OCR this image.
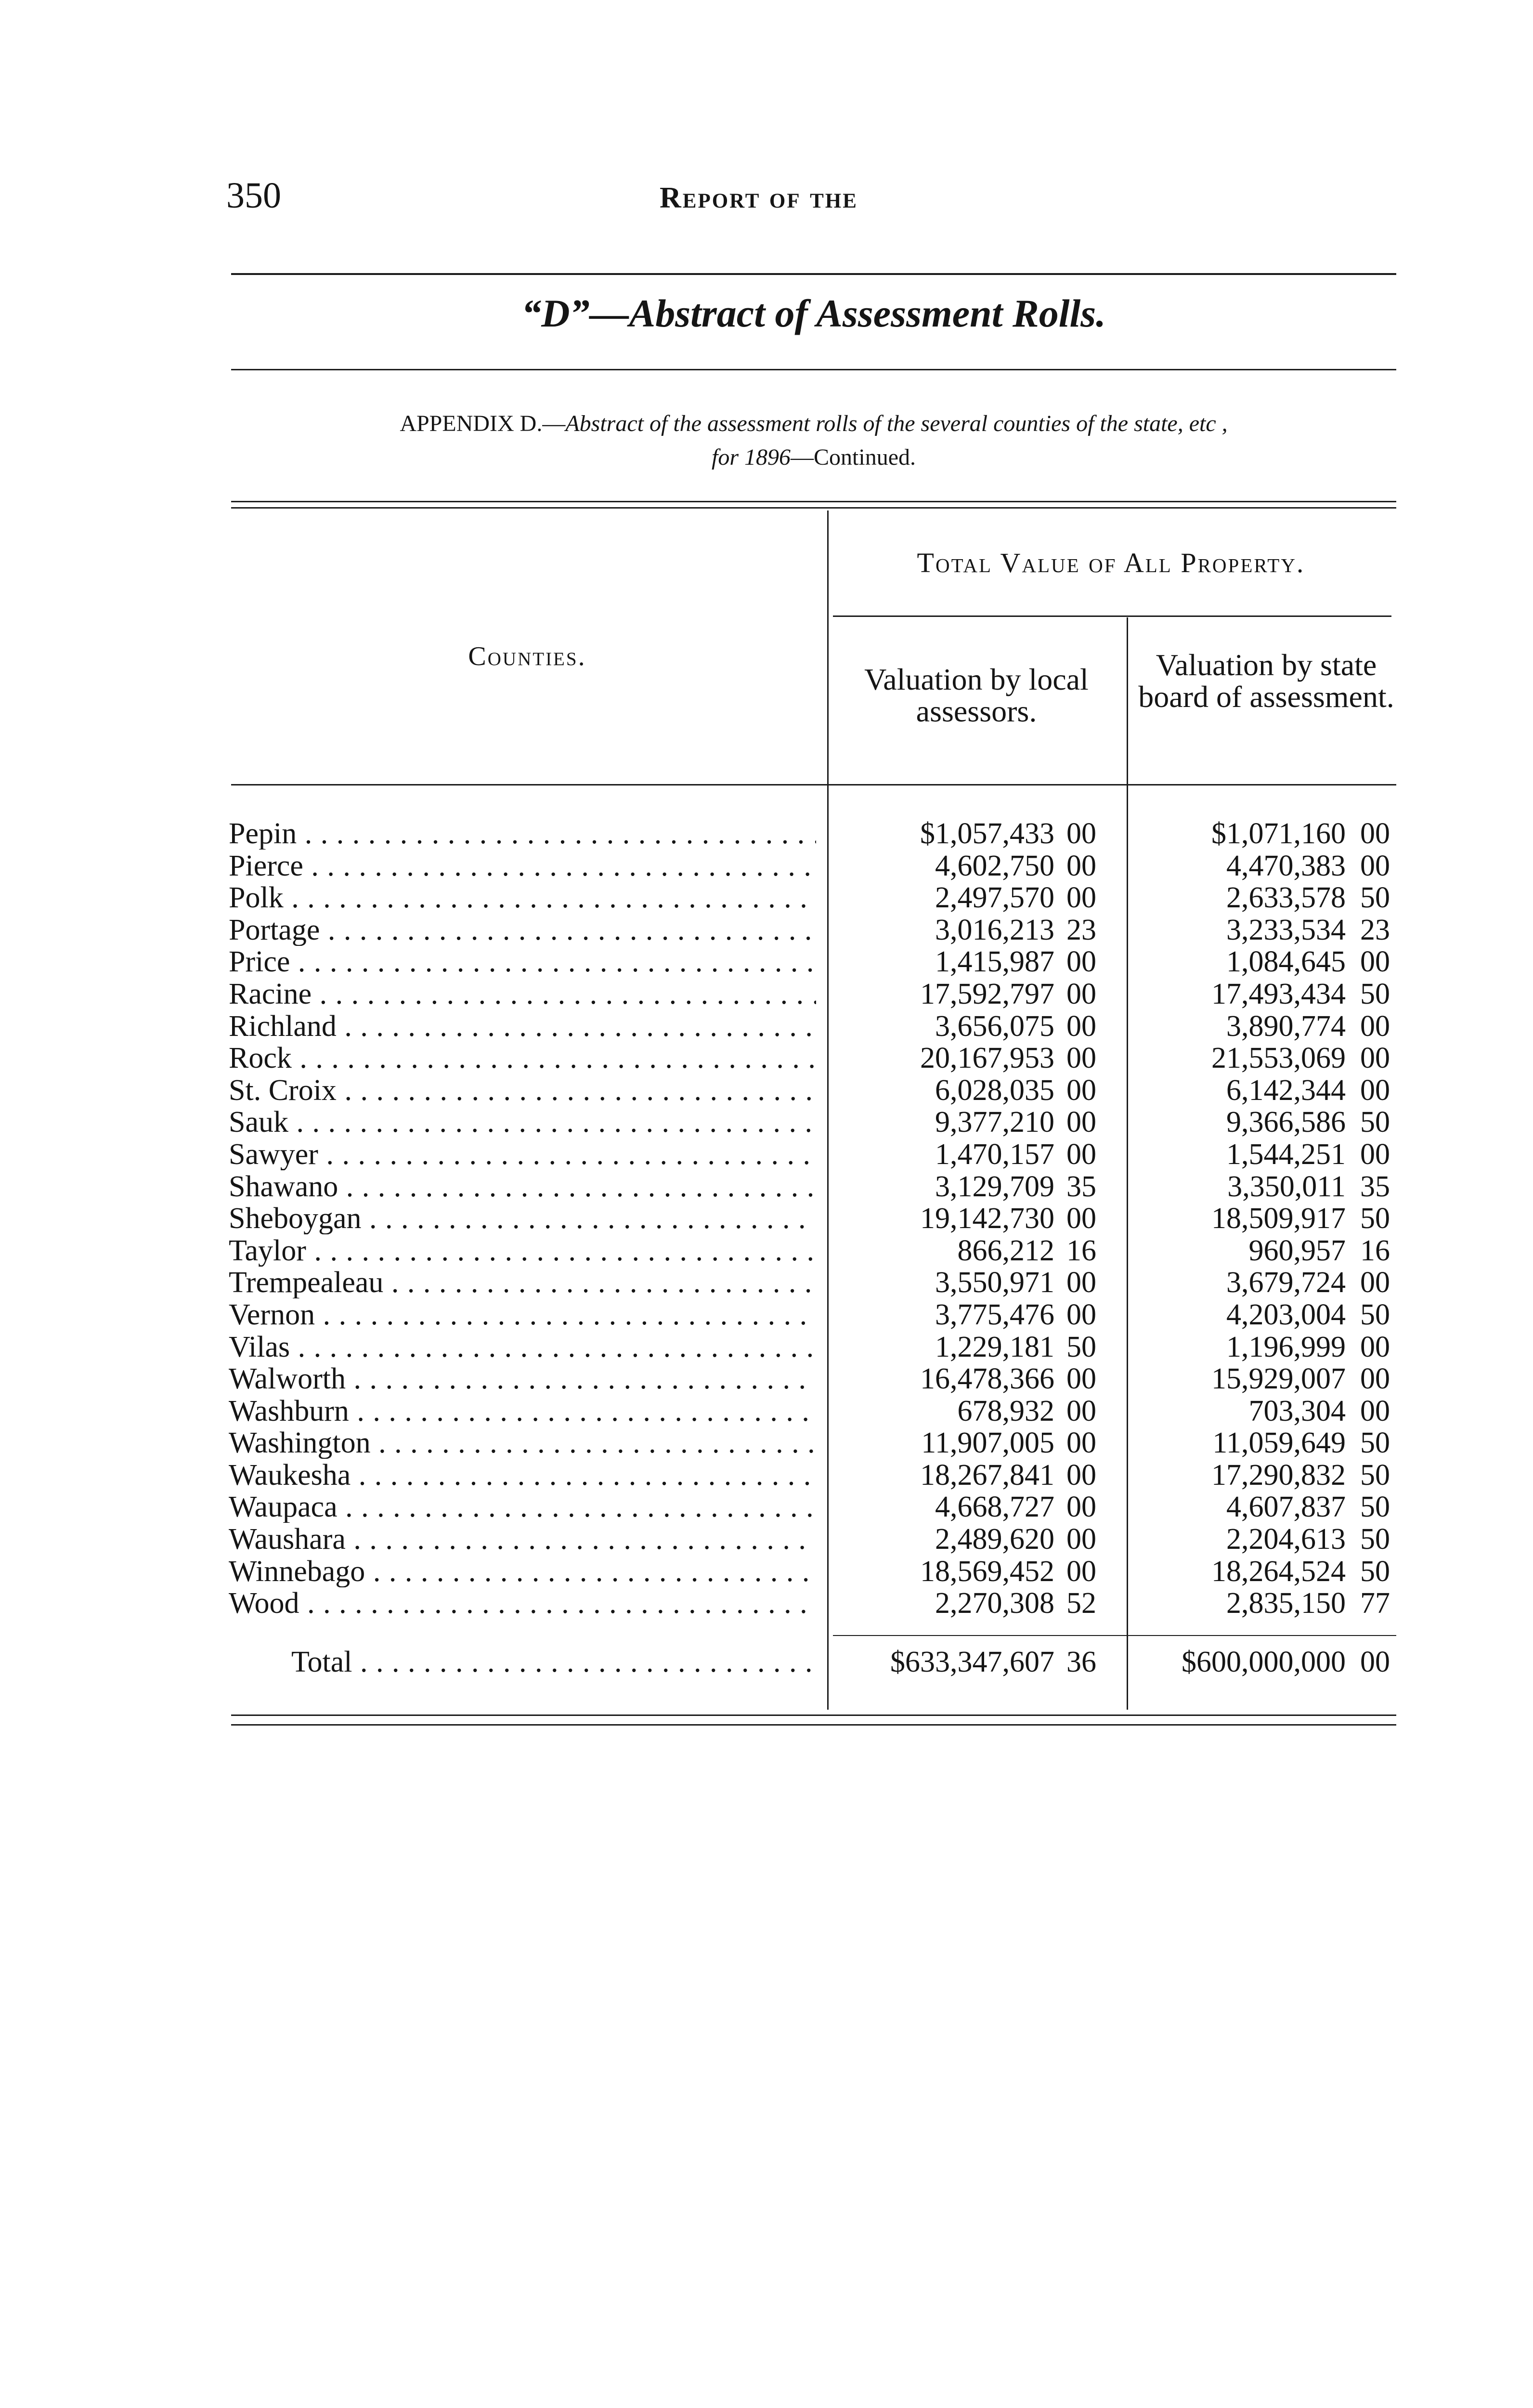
350	Report of the
“D”—Abstract of Assessment Rolls.
APPENDIX D.—Abstract of the assessment rolls of the several counties of the state, etc ,
for 1896—Continued.
Total Value of All Property.
Counties.
Valuation by local assessors.
Valuation by state board of assessment.
Pepin . . .	$1,057,433 00	$1,071,160 00
Pierce . . .	4,602,750 00	4,470,383 00
Polk . . .	2,497,570 00	2,633,578 50
Portage . . .	3,016,213 23	3,233,534 23
Price . . .	1,415,987 00	1,084,645 00
Racine . . .	17,592,797 00	17,493,434 50
Richland . . .	3,656,075 00	3,890,774 00
Rock . . .	20,167,953 00	21,553,069 00
St. Croix . . .	6,028,035 00	6,142,344 00
Sauk . . .	9,377,210 00	9,366,586 50
Sawyer . . .	1,470,157 00	1,544,251 00
Shawano . . .	3,129,709 35	3,350,011 35
Sheboygan . . .	19,142,730 00	18,509,917 50
Taylor . . .	866,212 16	960,957 16
Trempealeau . . .	3,550,971 00	3,679,724 00
Vernon . . .	3,775,476 00	4,203,004 50
Vilas . . .	1,229,181 50	1,196,999 00
Walworth . . .	16,478,366 00	15,929,007 00
Washburn . . .	678,932 00	703,304 00
Washington . . .	11,907,005 00	11,059,649 50
Waukesha . . .	18,267,841 00	17,290,832 50
Waupaca . . .	4,668,727 00	4,607,837 50
Waushara . . .	2,489,620 00	2,204,613 50
Winnebago . . .	18,569,452 00	18,264,524 50
Wood . . .	2,270,308 52	2,835,150 77
Total . . .	$633,347,607 36	$600,000,000 00
